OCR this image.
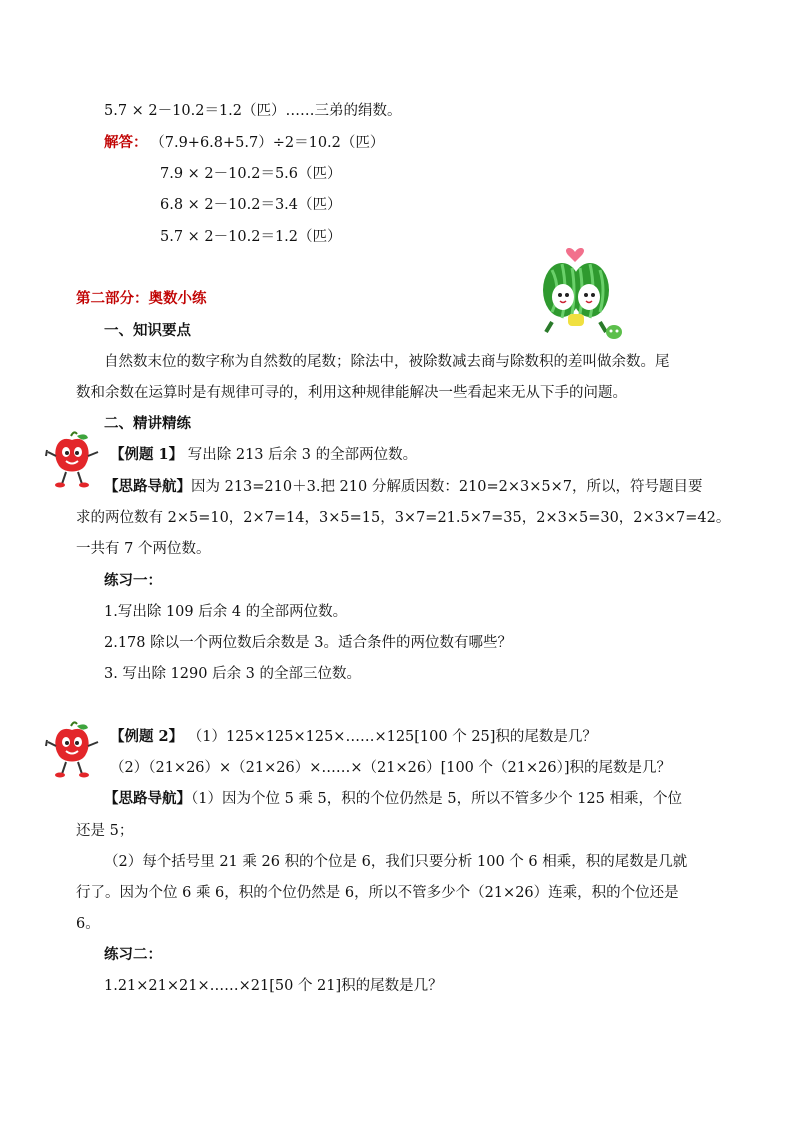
5.7 × 2－10.2＝1.2（匹）……三弟的绢数。
解答： （7.9+6.8+5.7）÷2＝10.2（匹）
7.9 × 2－10.2＝5.6（匹）
6.8 × 2－10.2＝3.4（匹）
5.7 × 2－10.2＝1.2（匹）
第二部分：奥数小练
一、知识要点
自然数末位的数字称为自然数的尾数；除法中，被除数减去商与除数积的差叫做余数。尾
数和余数在运算时是有规律可寻的，利用这种规律能解决一些看起来无从下手的问题。
二、精讲精练
【例题 1】 写出除 213 后余 3 的全部两位数。
【思路导航】因为 213=210＋3.把 210 分解质因数：210=2×3×5×7，所以，符号题目要
求的两位数有 2×5=10，2×7=14，3×5=15，3×7=21.5×7=35，2×3×5=30，2×3×7=42。
一共有 7 个两位数。
练习一：
1.写出除 109 后余 4 的全部两位数。
2.178 除以一个两位数后余数是 3。适合条件的两位数有哪些？
3. 写出除 1290 后余 3 的全部三位数。
【例题 2】 （1）125×125×125×……×125[100 个 25]积的尾数是几？
（2）（21×26）×（21×26）×……×（21×26）[100 个（21×26）]积的尾数是几？
【思路导航】（1）因为个位 5 乘 5，积的个位仍然是 5，所以不管多少个 125 相乘，个位
还是 5；
（2）每个括号里 21 乘 26 积的个位是 6，我们只要分析 100 个 6 相乘，积的尾数是几就
行了。因为个位 6 乘 6，积的个位仍然是 6，所以不管多少个（21×26）连乘，积的个位还是
6。
练习二：
1.21×21×21×……×21[50 个 21]积的尾数是几？
